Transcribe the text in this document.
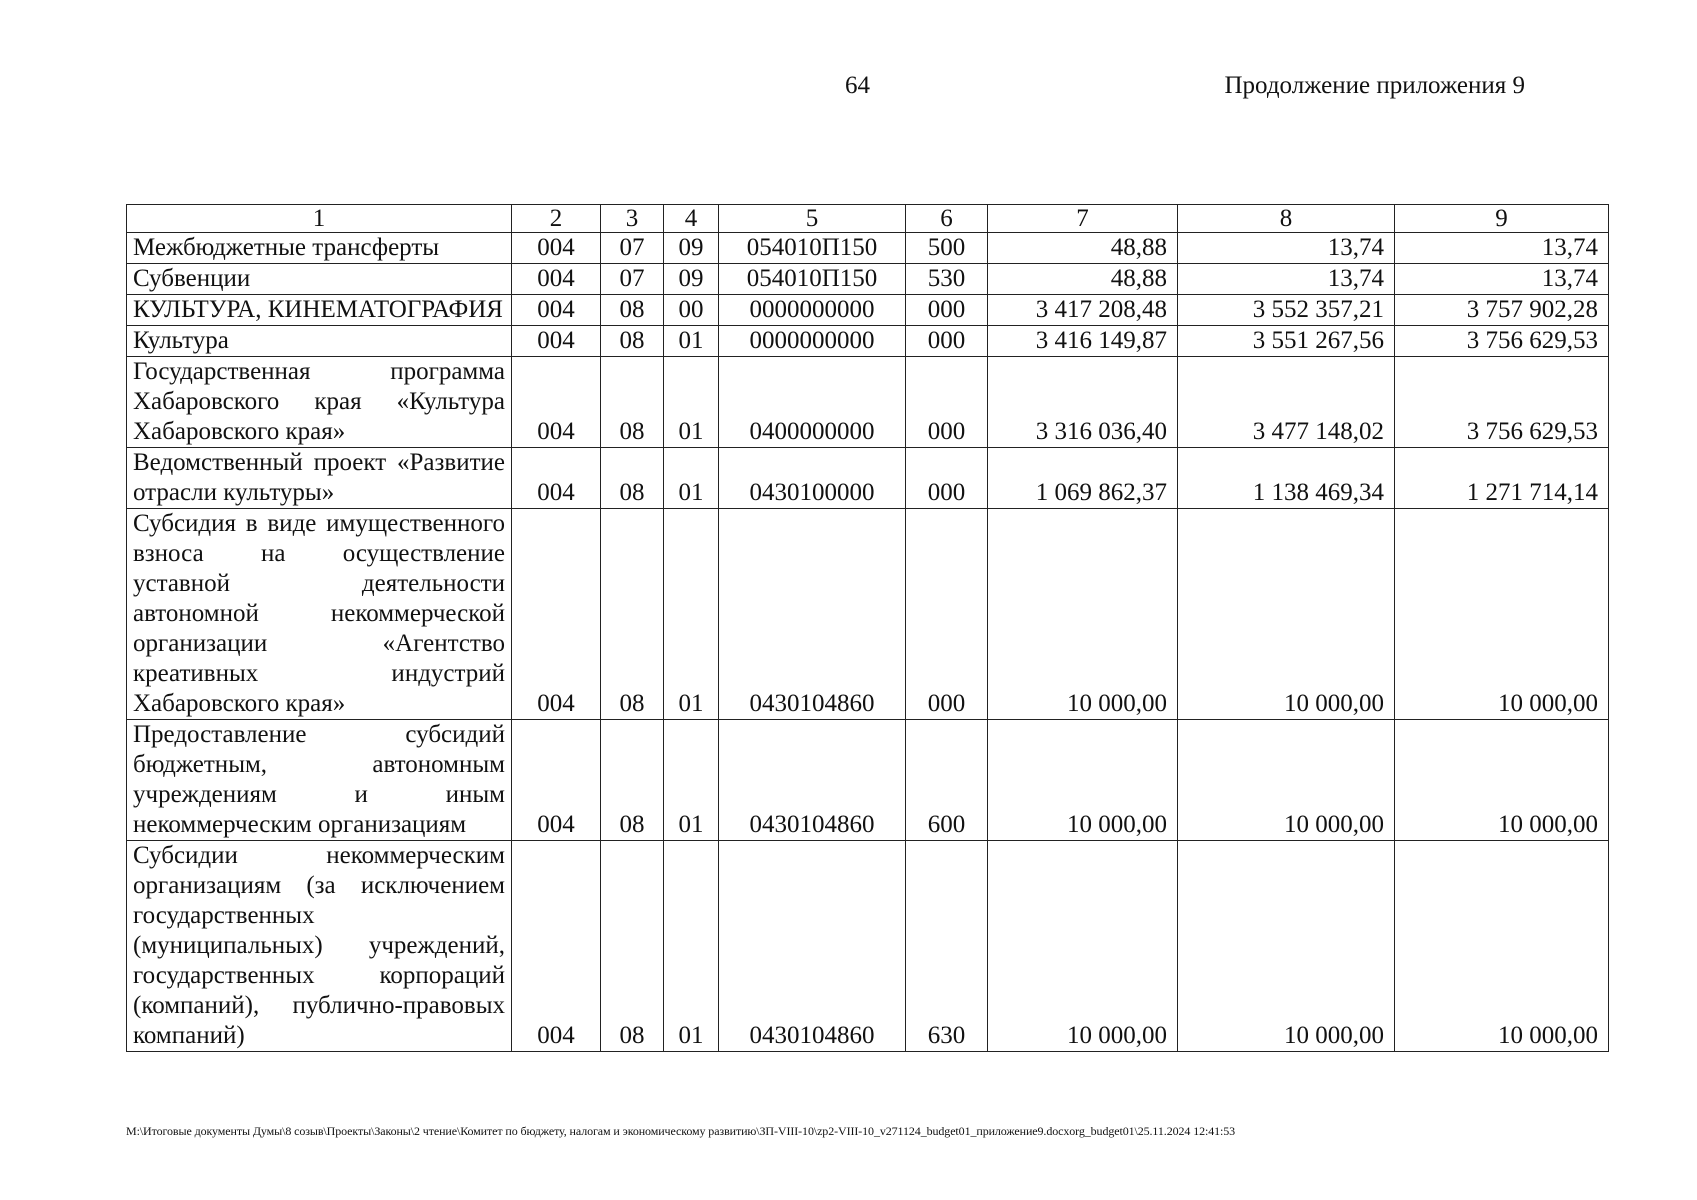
64	Продолжение приложения 9
1	2	3	4	5	6	7	8	9
Межбюджетные трансферты	004	07	09	054010П150	500	48,88	13,74	13,74
Субвенции	004	07	09	054010П150	530	48,88	13,74	13,74
КУЛЬТУРА, КИНЕМАТОГРАФИЯ	004	08	00	0000000000	000	3 417 208,48	3 552 357,21	3 757 902,28
Культура	004	08	01	0000000000	000	3 416 149,87	3 551 267,56	3 756 629,53
Государственная программа Хабаровского края «Культура Хабаровского края»	004	08	01	0400000000	000	3 316 036,40	3 477 148,02	3 756 629,53
Ведомственный проект «Развитие отрасли культуры»	004	08	01	0430100000	000	1 069 862,37	1 138 469,34	1 271 714,14
Субсидия в виде имущественного взноса на осуществление уставной деятельности автономной некоммерческой организации «Агентство креативных индустрий Хабаровского края»	004	08	01	0430104860	000	10 000,00	10 000,00	10 000,00
Предоставление субсидий бюджетным, автономным учреждениям и иным некоммерческим организациям	004	08	01	0430104860	600	10 000,00	10 000,00	10 000,00
Субсидии некоммерческим организациям (за исключением государственных (муниципальных) учреждений, государственных корпораций (компаний), публично-правовых компаний)	004	08	01	0430104860	630	10 000,00	10 000,00	10 000,00
М:\Итоговые документы Думы\8 созыв\Проекты\Законы\2 чтение\Комитет по бюджету, налогам и экономическому развитию\ЗП-VIII-10\zp2-VIII-10_v271124_budget01_приложение9.docxorg_budget01\25.11.2024 12:41:53
